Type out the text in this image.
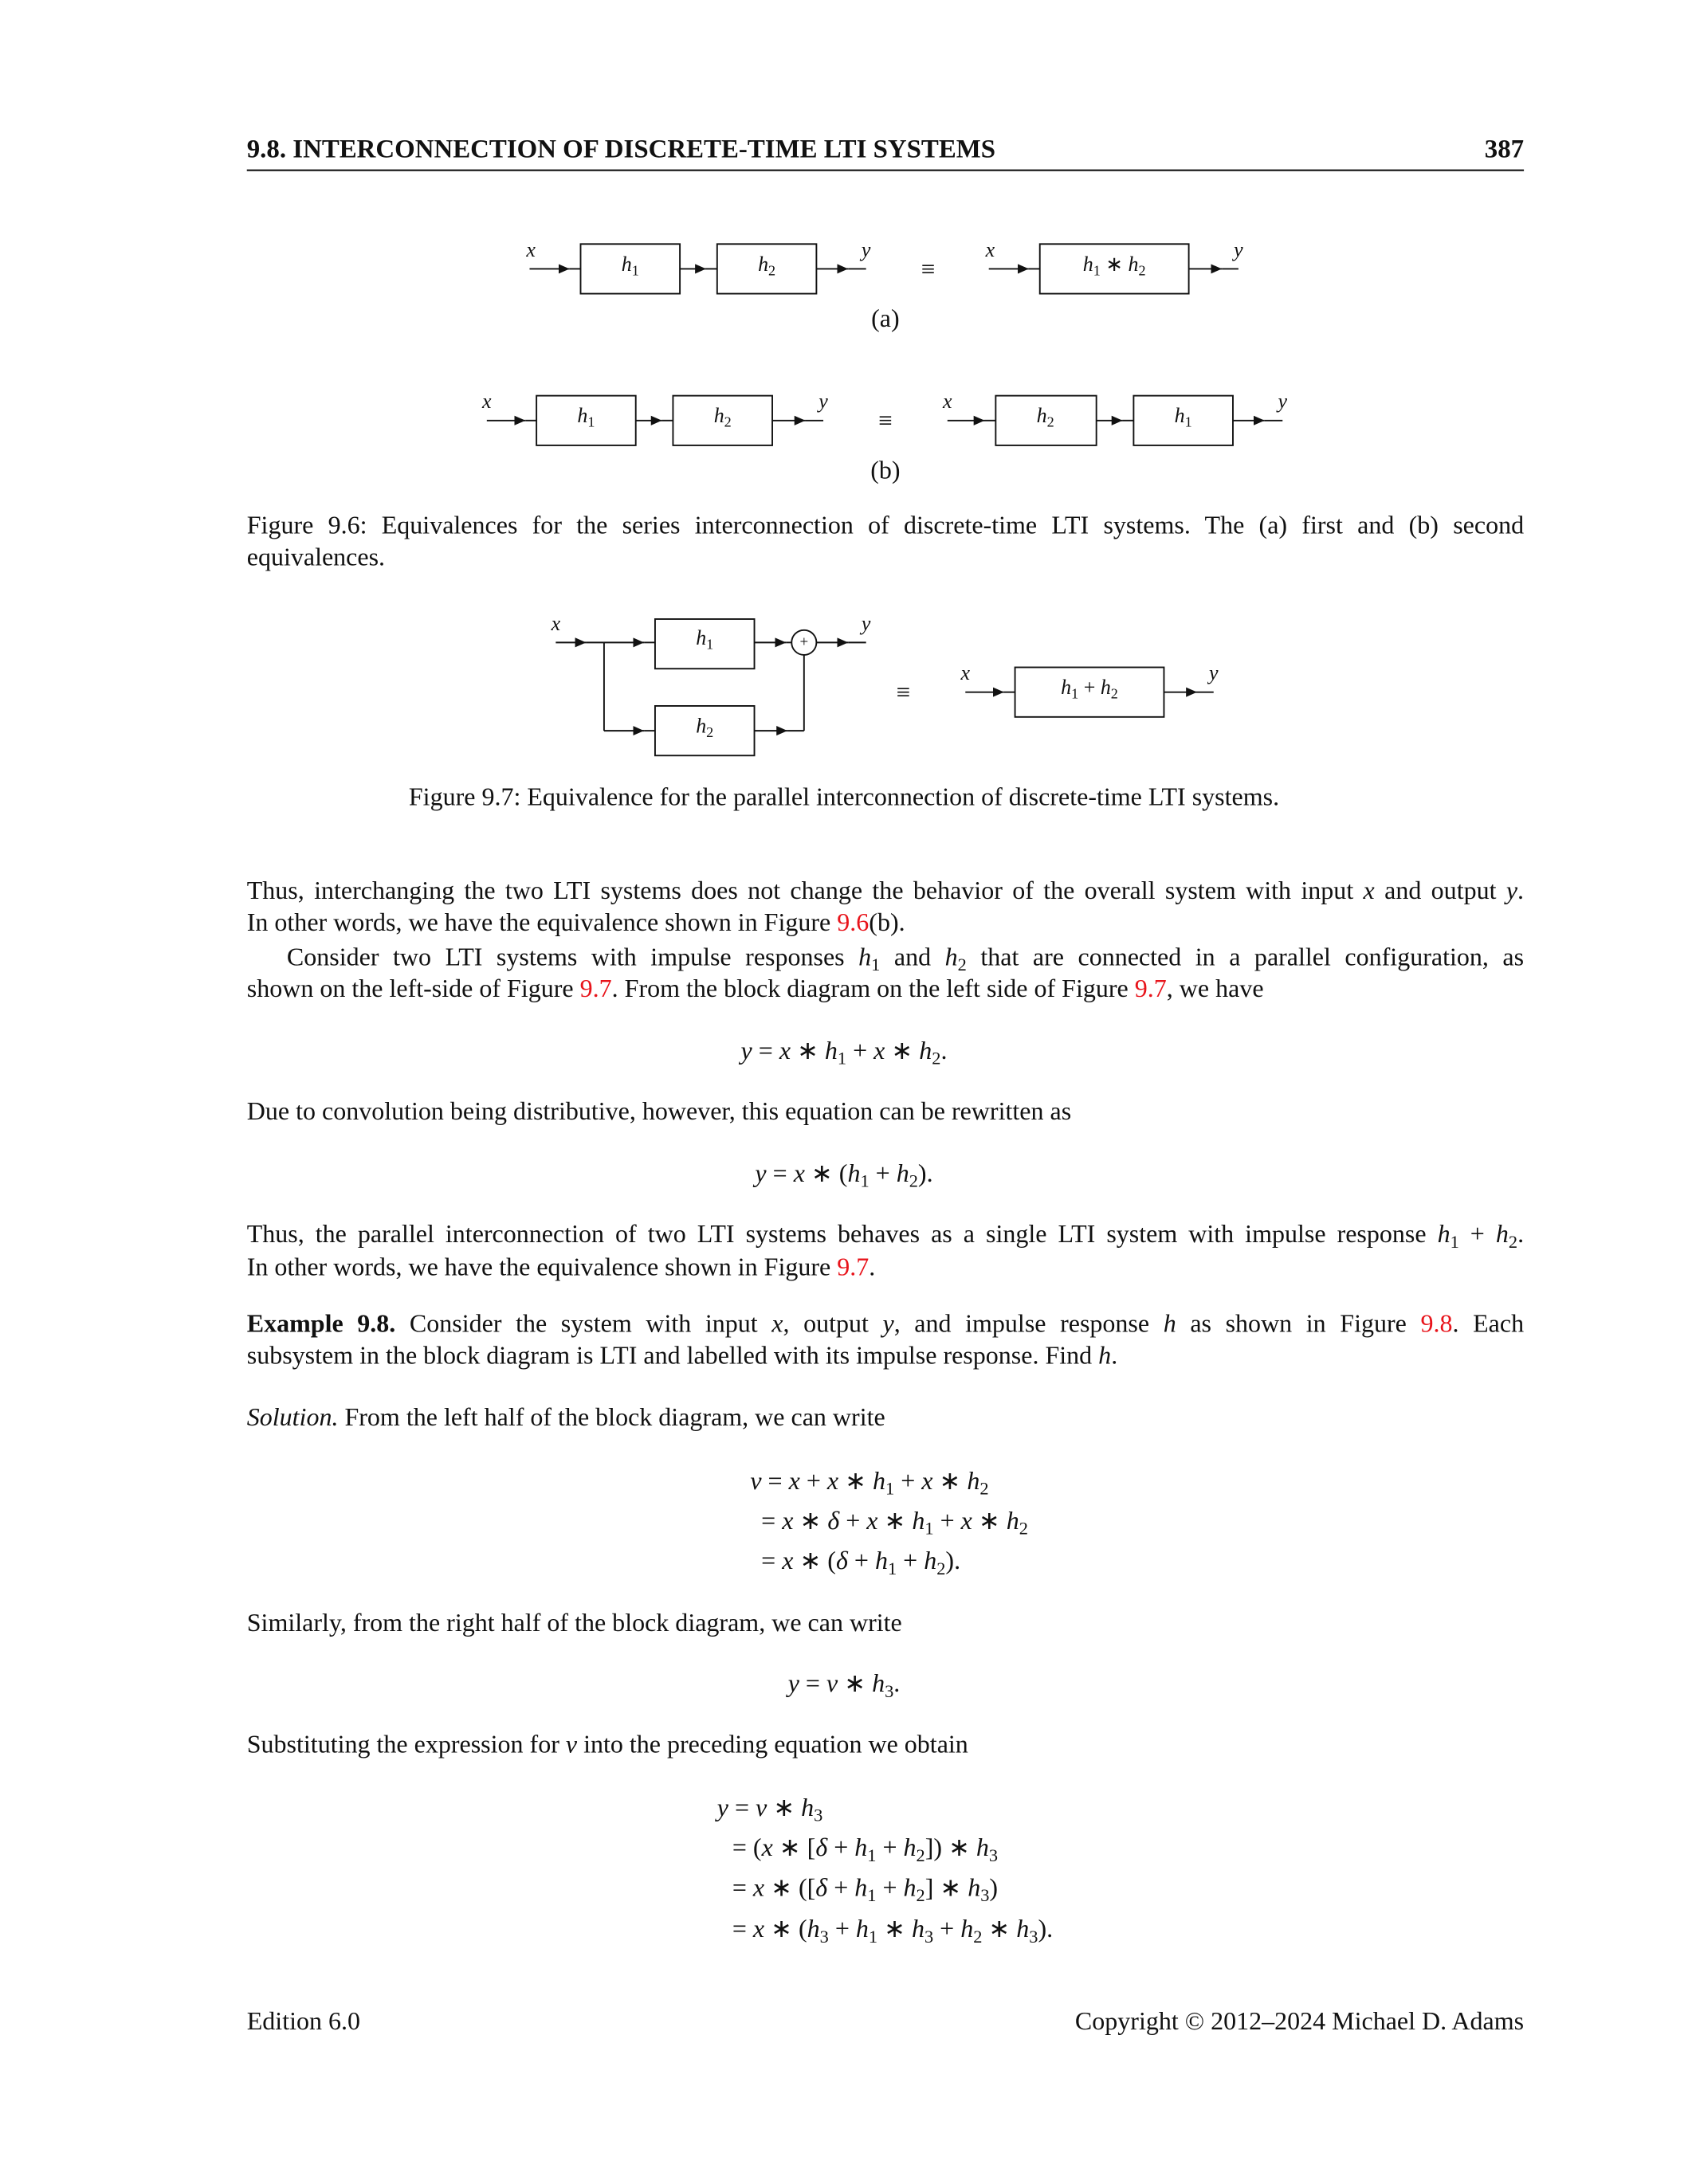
9.8. INTERCONNECTION OF DISCRETE-TIME LTI SYSTEMS	387
x
$h_1$	$h_2$
y
≡
x
$h_1$ ∗ $h_2$
y
(a)
x
$h_1$	$h_2$
y
≡
x
$h_2$	$h_1$
y
(b)
Figure 9.6: Equivalences for the series interconnection of discrete-time LTI systems. The (a) first and (b) second
equivalences.
x
$h_1$	+
y
$h_2$
≡
x
$h_1 + h_2$
y
Figure 9.7: Equivalence for the parallel interconnection of discrete-time LTI systems.
Thus, interchanging the two LTI systems does not change the behavior of the overall system with input x and output y.
In other words, we have the equivalence shown in Figure 9.6(b).
Consider two LTI systems with impulse responses $h_1$ and $h_2$ that are connected in a parallel configuration, as
shown on the left-side of Figure 9.7. From the block diagram on the left side of Figure 9.7, we have
y = x ∗ $h_1 + x$ ∗ $h_2$.
Due to convolution being distributive, however, this equation can be rewritten as
y = x ∗ $(h_1 + h_2)$.
Thus, the parallel interconnection of two LTI systems behaves as a single LTI system with impulse response $h_1 + h_2$.
In other words, we have the equivalence shown in Figure 9.7.
Example 9.8. Consider the system with input x, output y, and impulse response h as shown in Figure 9.8. Each
subsystem in the block diagram is LTI and labelled with its impulse response. Find h.
Solution. From the left half of the block diagram, we can write
v = x + x ∗ $h_1 + x$ ∗ $h_2$
= x ∗ δ + x ∗ $h_1 + x$ ∗ $h_2$
= x ∗ $(\delta + h_1 + h_2)$.
Similarly, from the right half of the block diagram, we can write
y = v ∗ $h_3$.
Substituting the expression for v into the preceding equation we obtain
y = v ∗ $h_3$
= (x ∗ $[\delta + h_1 + h_2]$) ∗ $h_3$
= x ∗ ($[\delta + h_1 + h_2]$ ∗ $h_3$)
= x ∗ ($h_3 + h_1$ ∗ $h_3 + h_2$ ∗ $h_3$).
Edition 6.0	Copyright © 2012–2024 Michael D. Adams
